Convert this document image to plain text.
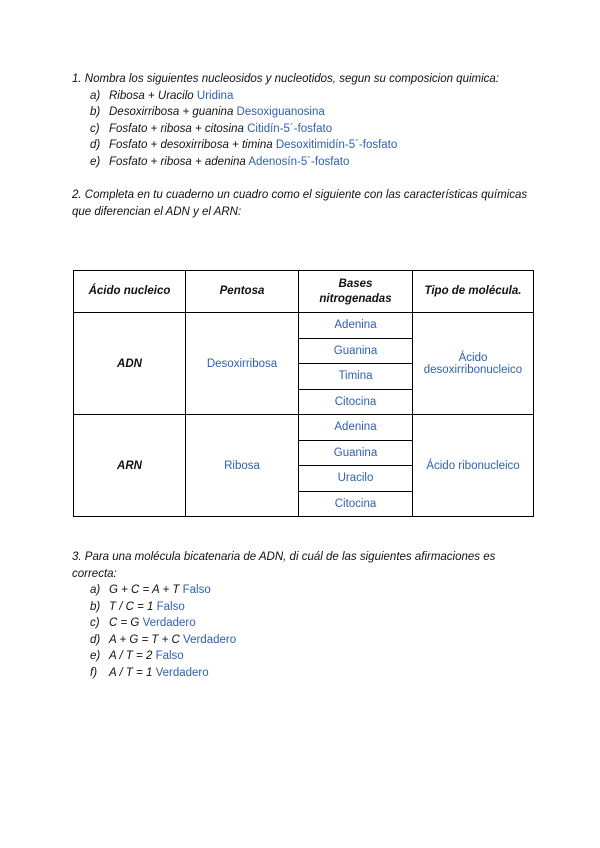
1. Nombra los siguientes nucleosidos y nucleotidos, segun su composicion quimica:
a) Ribosa + Uracilo Uridina
b) Desoxirribosa + guanina Desoxiguanosina
c) Fosfato + ribosa + citosina Citidín-5´-fosfato
d) Fosfato + desoxirribosa + timina Desoxitimidín-5´-fosfato
e) Fosfato + ribosa + adenina Adenosín-5´-fosfato
2. Completa en tu cuaderno un cuadro como el siguiente con las características químicas que diferencian el ADN y el ARN:
Ácido nucleico	Pentosa	Bases nitrogenadas	Tipo de molécula.
ADN	Desoxirribosa	Adenina	Ácido desoxirribonucleico
		Guanina	
		Timina	
		Citocina	
ARN	Ribosa	Adenina	Ácido ribonucleico
		Guanina	
		Uracilo	
		Citocina	
3. Para una molécula bicatenaria de ADN, di cuál de las siguientes afirmaciones es correcta:
a) G + C = A + T Falso
b) T / C = 1 Falso
c) C = G Verdadero
d) A + G = T + C Verdadero
e) A / T = 2 Falso
f) A / T = 1 Verdadero
